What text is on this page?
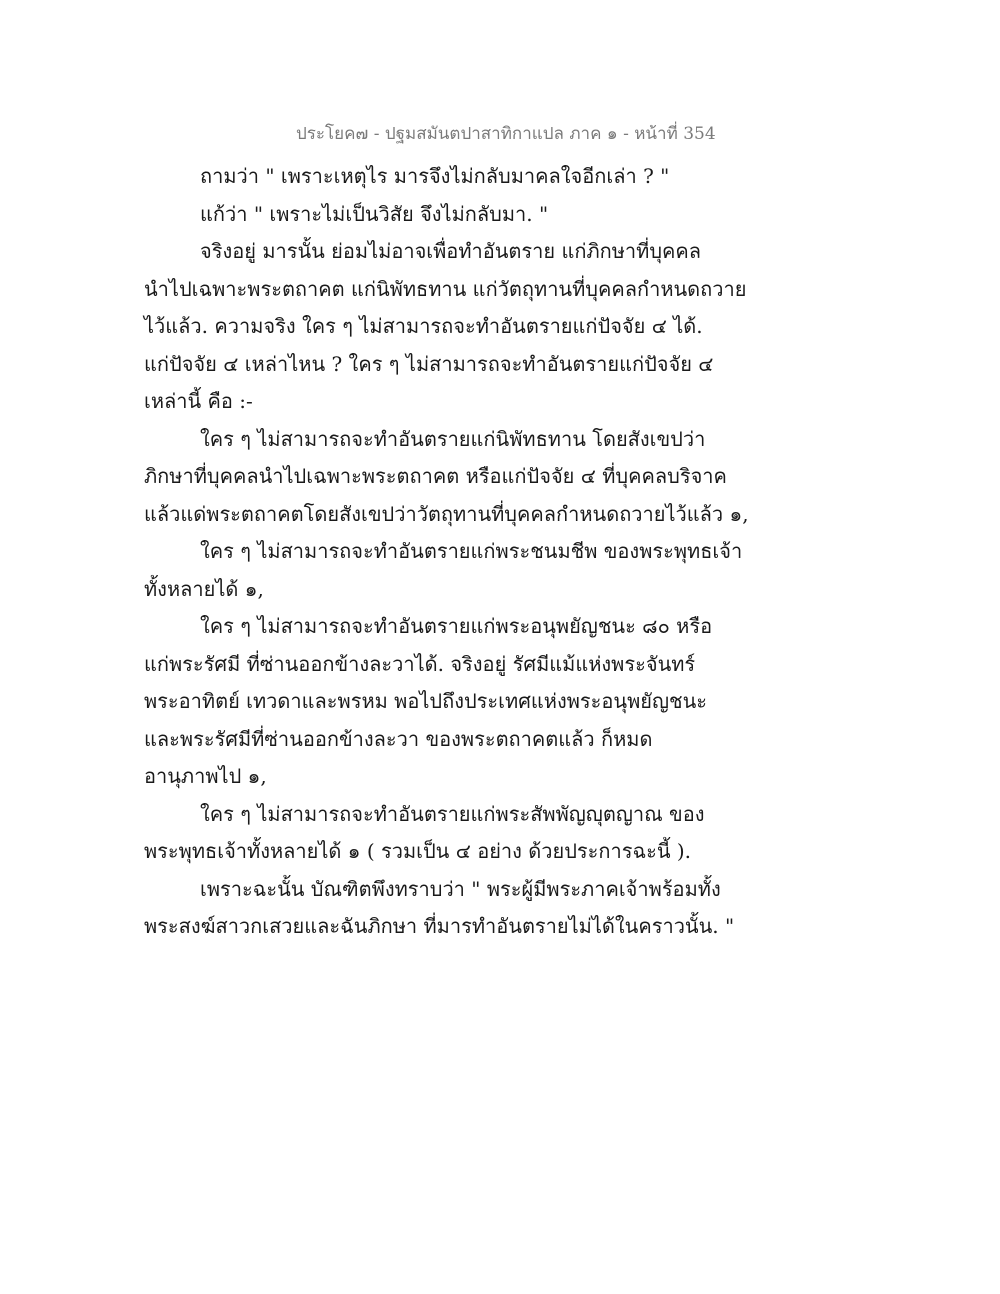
ประโยค๗ - ปฐมสมันตปาสาทิกาแปล ภาค ๑ - หน้าที่ 354
ถามว่า " เพราะเหตุไร มารจึงไม่กลับมาคลใจอีกเล่า ? "
แก้ว่า " เพราะไม่เป็นวิสัย จึงไม่กลับมา. "
จริงอยู่ มารนั้น ย่อมไม่อาจเพื่อทำอันตราย แก่ภิกษาที่บุคคล
นำไปเฉพาะพระตถาคต แก่นิพัทธทาน แก่วัตถุทานที่บุคคลกำหนดถวาย
ไว้แล้ว. ความจริง ใคร ๆ ไม่สามารถจะทำอันตรายแก่ปัจจัย ๔ ได้.
แก่ปัจจัย ๔ เหล่าไหน ? ใคร ๆ ไม่สามารถจะทำอันตรายแก่ปัจจัย ๔
เหล่านี้ คือ :-
ใคร ๆ ไม่สามารถจะทำอันตรายแก่นิพัทธทาน โดยสังเขปว่า
ภิกษาที่บุคคลนำไปเฉพาะพระตถาคต หรือแก่ปัจจัย ๔ ที่บุคคลบริจาค
แล้วแด่พระตถาคตโดยสังเขปว่าวัตถุทานที่บุคคลกำหนดถวายไว้แล้ว ๑,
ใคร ๆ ไม่สามารถจะทำอันตรายแก่พระชนมชีพ ของพระพุทธเจ้า
ทั้งหลายได้ ๑,
ใคร ๆ ไม่สามารถจะทำอันตรายแก่พระอนุพยัญชนะ ๘๐ หรือ
แก่พระรัศมี ที่ซ่านออกข้างละวาได้. จริงอยู่ รัศมีแม้แห่งพระจันทร์
พระอาทิตย์ เทวดาและพรหม พอไปถึงประเทศแห่งพระอนุพยัญชนะ
และพระรัศมีที่ซ่านออกข้างละวา ของพระตถาคตแล้ว ก็หมด
อานุภาพไป ๑,
ใคร ๆ ไม่สามารถจะทำอันตรายแก่พระสัพพัญญุตญาณ ของ
พระพุทธเจ้าทั้งหลายได้ ๑ ( รวมเป็น ๔ อย่าง ด้วยประการฉะนี้ ).
เพราะฉะนั้น บัณฑิตพึงทราบว่า " พระผู้มีพระภาคเจ้าพร้อมทั้ง
พระสงฆ์สาวกเสวยและฉันภิกษา ที่มารทำอันตรายไม่ได้ในคราวนั้น. "
